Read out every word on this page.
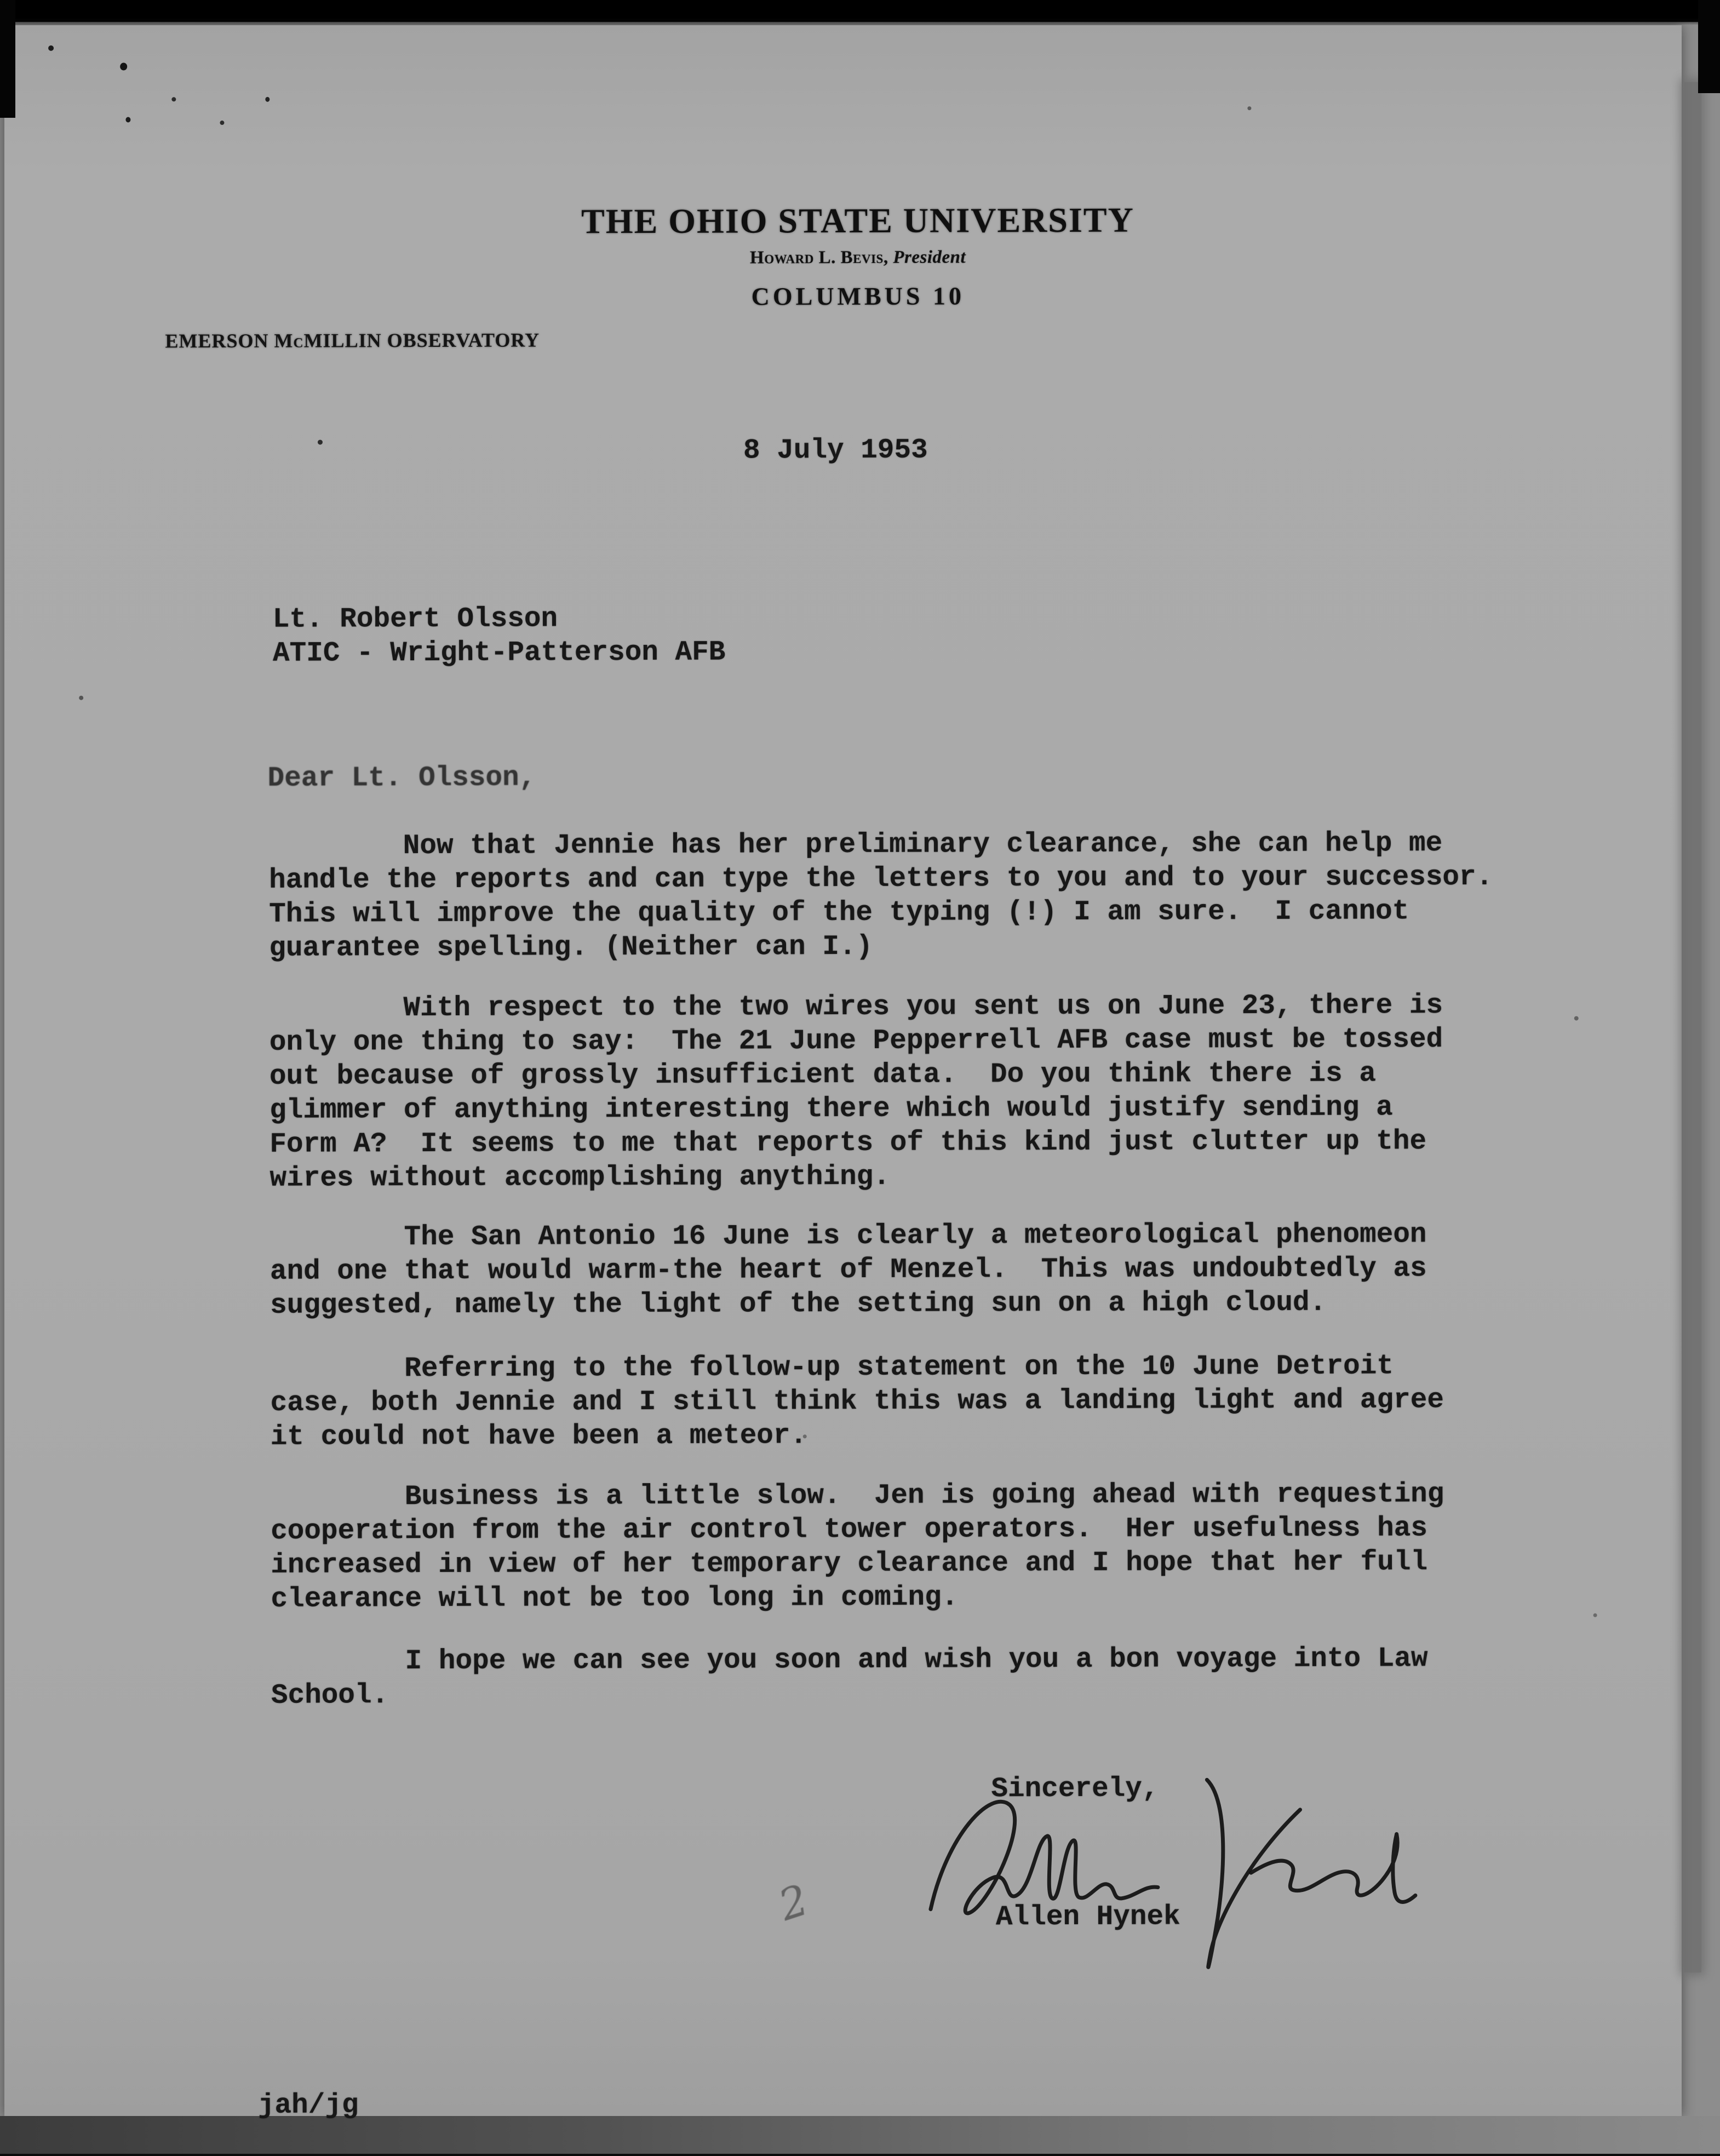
THE OHIO STATE UNIVERSITY
Howard L. Bevis, President
COLUMBUS 10
EMERSON McMILLIN OBSERVATORY
8 July 1953
Lt. Robert Olsson
ATIC - Wright-Patterson AFB
Dear Lt. Olsson,
Now that Jennie has her preliminary clearance, she can help me
handle the reports and can type the letters to you and to your successor.
This will improve the quality of the typing (!) I am sure.  I cannot
guarantee spelling. (Neither can I.)
With respect to the two wires you sent us on June 23, there is
only one thing to say:  The 21 June Pepperrell AFB case must be tossed
out because of grossly insufficient data.  Do you think there is a
glimmer of anything interesting there which would justify sending a
Form A?  It seems to me that reports of this kind just clutter up the
wires without accomplishing anything.
The San Antonio 16 June is clearly a meteorological phenomeon
and one that would warm-the heart of Menzel.  This was undoubtedly as
suggested, namely the light of the setting sun on a high cloud.
Referring to the follow-up statement on the 10 June Detroit
case, both Jennie and I still think this was a landing light and agree
it could not have been a meteor.
Business is a little slow.  Jen is going ahead with requesting
cooperation from the air control tower operators.  Her usefulness has
increased in view of her temporary clearance and I hope that her full
clearance will not be too long in coming.
I hope we can see you soon and wish you a bon voyage into Law
School.
Sincerely,
Allen Hynek
2
jah/jg
